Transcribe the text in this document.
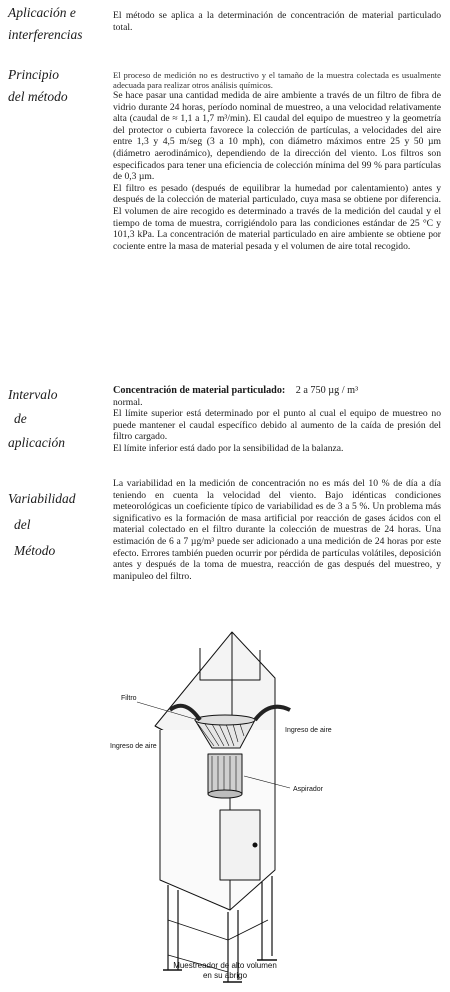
Aplicación e
interferencias

El método se aplica a la determinación de concentración de material particulado total.

Principio
del método

El proceso de medición no es destructivo y el tamaño de la muestra colectada es usualmente adecuada para realizar otros análisis químicos.

Se hace pasar una cantidad medida de aire ambiente a través de un filtro de fibra de vidrio durante 24 horas, período nominal de muestreo, a una velocidad relativamente alta (caudal de ≈ 1,1 a 1,7 m³/min). El caudal del equipo de muestreo y la geometría del protector o cubierta favorece la colección de partículas, a velocidades del aire entre 1,3 y 4,5 m/seg (3 a 10 mph), con diámetro máximos entre 25 y 50 µm (diámetro aerodinámico), dependiendo de la dirección del viento. Los filtros son especificados para tener una eficiencia de colección mínima del 99 % para partículas de 0,3 µm.

El filtro es pesado (después de equilibrar la humedad por calentamiento) antes y después de la colección de material particulado, cuya masa se obtiene por diferencia. El volumen de aire recogido es determinado a través de la medición del caudal y el tiempo de toma de muestra, corrigiéndolo para las condiciones estándar de 25 °C y 101,3 kPa. La concentración de material particulado en aire ambiente se obtiene por cociente entre la masa de material pesada y el volumen de aire total recogido.

Intervalo
de
aplicación

Concentración de material particulado: 2 a 750 µg / m³

normal.

El límite superior está determinado por el punto al cual el equipo de muestreo no puede mantener el caudal específico debido al aumento de la caída de presión del filtro cargado.

El límite inferior está dado por la sensibilidad de la balanza.

Variabilidad
del
Método

La variabilidad en la medición de concentración no es más del 10 % de día a día teniendo en cuenta la velocidad del viento. Bajo idénticas condiciones meteorológicas un coeficiente típico de variabilidad es de 3 a 5 %. Un problema más significativo es la formación de masa artificial por reacción de gases ácidos con el material colectado en el filtro durante la colección de muestras de 24 horas. Una estimación de 6 a 7 µg/m³ puede ser adicionado a una medición de 24 horas por este efecto. Errores también pueden ocurrir por pérdida de partículas volátiles, deposición antes y después de la toma de muestra, reacción de gas después del muestreo, y manipuleo del filtro.

Filtro
Ingreso de aire
Ingreso de aire
Aspirador
Muestreador de alto volumen
en su abrigo
